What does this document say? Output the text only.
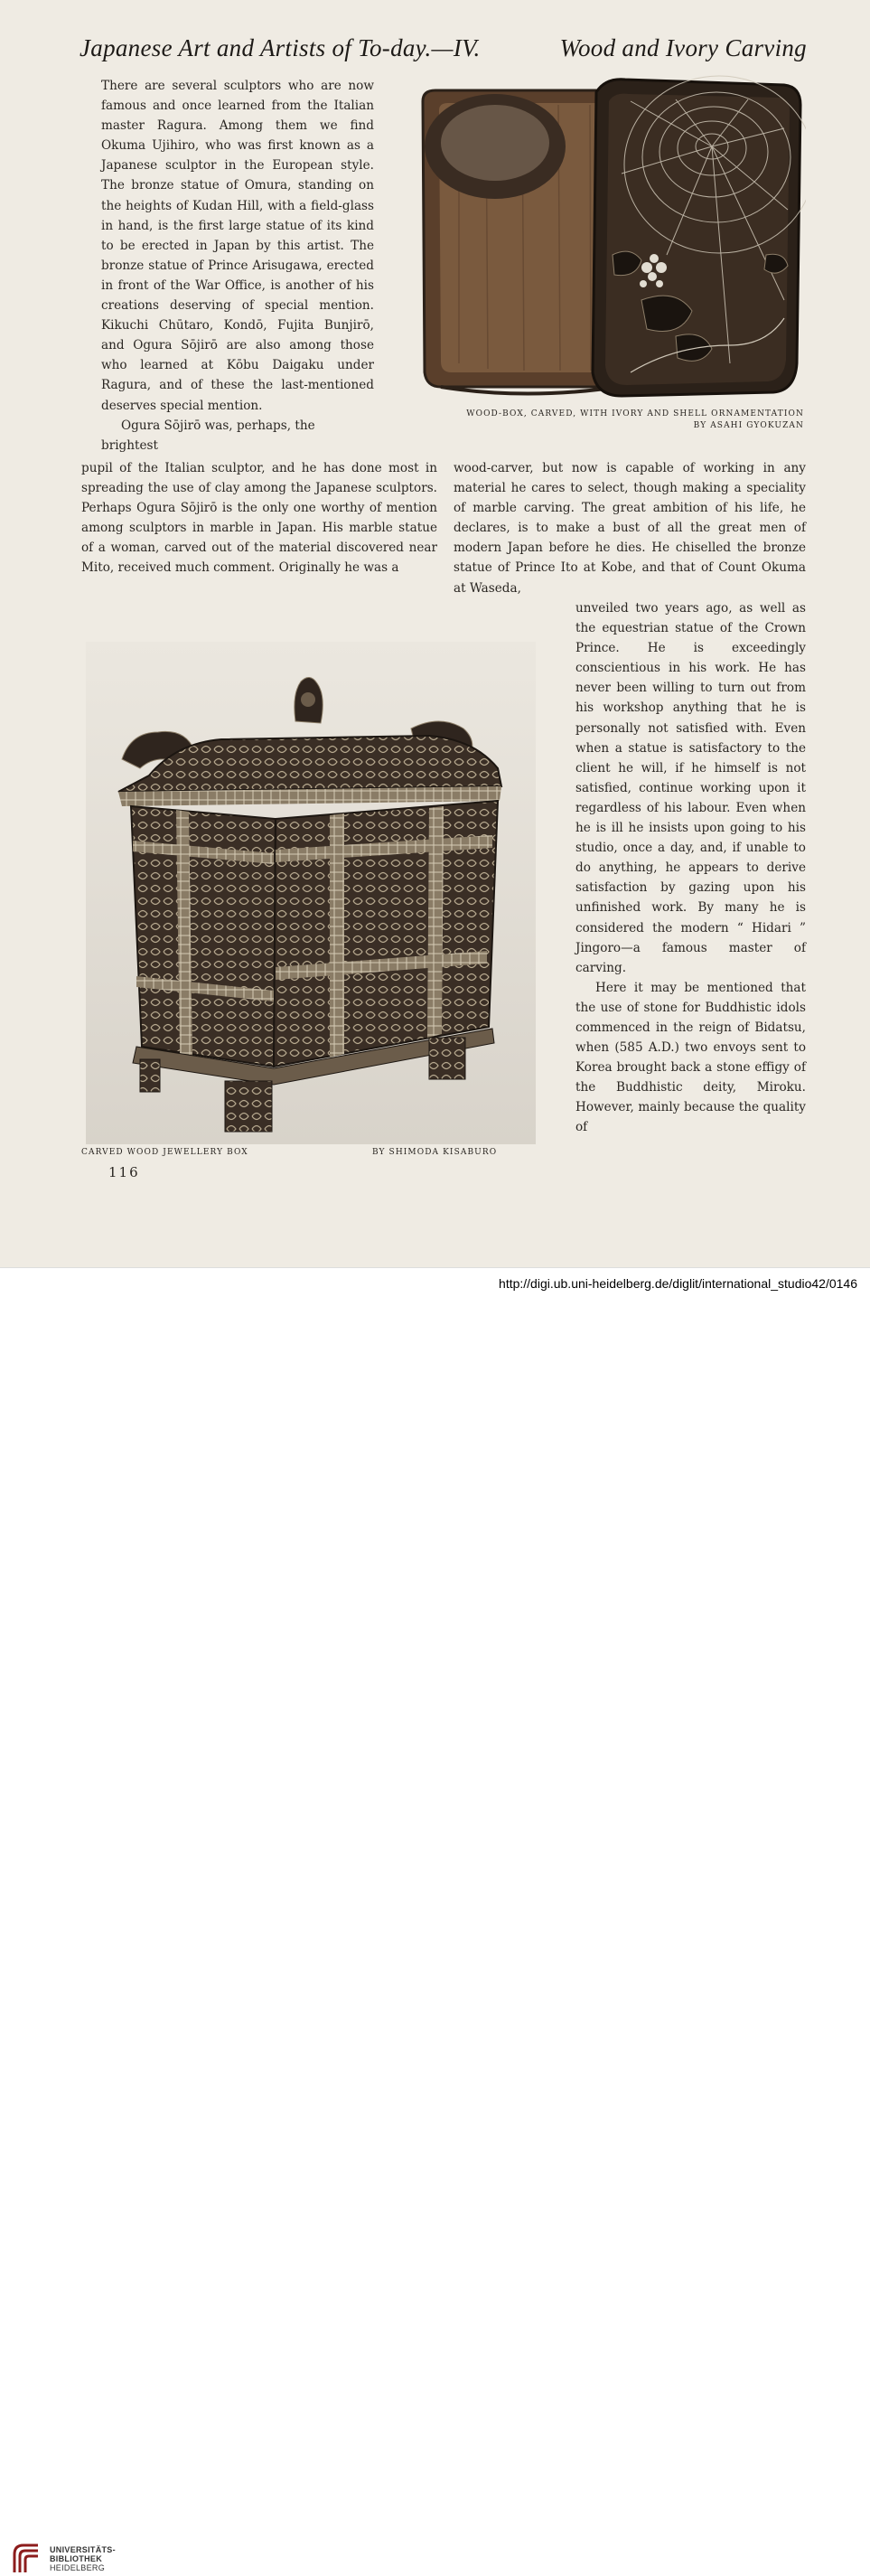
Japanese Art and Artists of To-day.—IV.	Wood and Ivory Carving

There are several sculptors who are now famous and once learned from the Italian master Ragura. Among them we find Okuma Ujihiro, who was first known as a Japanese sculptor in the European style. The bronze statue of Omura, standing on the heights of Kudan Hill, with a field-glass in hand, is the first large statue of its kind to be erected in Japan by this artist. The bronze statue of Prince Arisugawa, erected in front of the War Office, is another of his creations deserving of special mention. Kikuchi Chūtaro, Kondō, Fujita Bunjirō, and Ogura Sōjirō are also among those who learned at Kōbu Daigaku under Ragura, and of these the last-mentioned deserves special mention.

Ogura Sōjirō was, perhaps, the brightest

WOOD-BOX, CARVED, WITH IVORY AND SHELL ORNAMENTATION
BY ASAHI GYOKUZAN

pupil of the Italian sculptor, and he has done most in spreading the use of clay among the Japanese sculptors. Perhaps Ogura Sōjirō is the only one worthy of mention among sculptors in marble in Japan. His marble statue of a woman, carved out of the material discovered near Mito, received much comment. Originally he was a

wood-carver, but now is capable of working in any material he cares to select, though making a speciality of marble carving. The great ambition of his life, he declares, is to make a bust of all the great men of modern Japan before he dies. He chiselled the bronze statue of Prince Ito at Kobe, and that of Count Okuma at Waseda,

CARVED WOOD JEWELLERY BOX	BY SHIMODA KISABURO

unveiled two years ago, as well as the equestrian statue of the Crown Prince. He is exceedingly conscientious in his work. He has never been willing to turn out from his workshop anything that he is personally not satisfied with. Even when a statue is satisfactory to the client he will, if he himself is not satisfied, continue working upon it regardless of his labour. Even when he is ill he insists upon going to his studio, once a day, and, if unable to do anything, he appears to derive satisfaction by gazing upon his unfinished work. By many he is considered the modern “ Hidari ” Jingoro—a famous master of carving.

Here it may be mentioned that the use of stone for Buddhistic idols commenced in the reign of Bidatsu, when (585 A.D.) two envoys sent to Korea brought back a stone effigy of the Buddhistic deity, Miroku. However, mainly because the quality of

116
UNIVERSITÄTS-
BIBLIOTHEK
HEIDELBERG
http://digi.ub.uni-heidelberg.de/diglit/international_studio42/0146
